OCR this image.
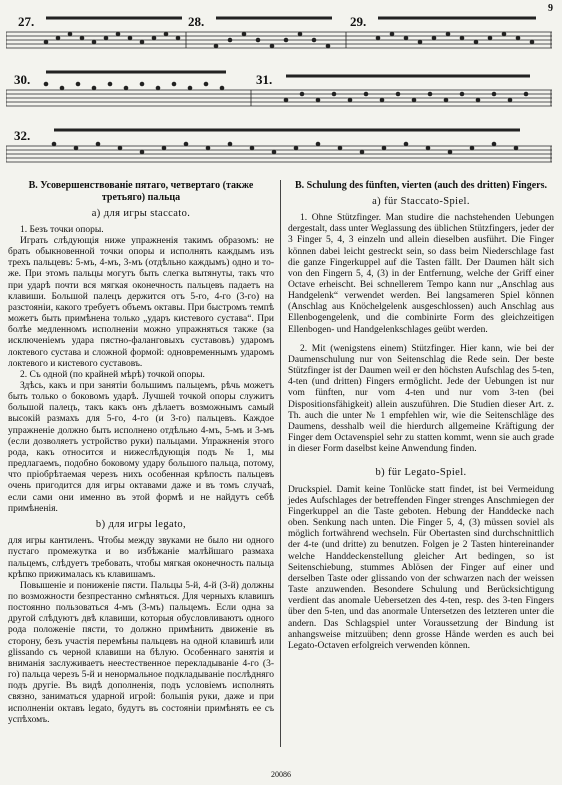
9
27.	28.	29.
30.	31.
32.

B. Усовершенствованіе пятаго, четвертаго (также третьяго) пальца

a) для игры staccato.

1. Безъ точки опоры.

Играть слѣдующія ниже упражненія такимъ образомъ: не брать обыкновенной точки опоры и исполнять каждымъ изъ трехъ пальцевъ: 5-мъ, 4-мъ, 3-мъ (отдѣльно каждымъ) одно и то-же. При этомъ пальцы могутъ быть слегка вытянуты, такъ что при ударѣ почти вся мягкая оконечность пальцевъ падаетъ на клавиши. Большой палецъ держится отъ 5-го, 4-го (3-го) на разстояніи, какого требуетъ объемъ октавы. При быстромъ темпѣ можетъ быть примѣнена только „ударъ кистевого сустава“. При болѣе медленномъ исполненіи можно упражняться также (за исключеніемъ удара пястно-фаланговыхъ суставовъ) ударомъ локтевого сустава и сложной формой: одновременнымъ ударомъ локтевого и кистевого суставовъ.

2. Съ одной (по крайней мѣрѣ) точкой опоры.

Здѣсь, какъ и при занятіи большимъ пальцемъ, рѣчь можетъ быть только о боковомъ ударѣ. Лучшей точкой опоры служитъ большой палецъ, такъ какъ онъ дѣлаетъ возможнымъ самый высокій размахъ для 5-го, 4-го (и 3-го) пальцевъ. Каждое упражненіе должно быть исполнено отдѣльно 4-мъ, 5-мъ и 3-мъ (если дозволяетъ устройство руки) пальцами. Упражненія этого рода, какъ относится и нижеслѣдующія подъ № 1, мы предлагаемъ, подобно боковому удару большого пальца, потому, что пріобрѣтаемая черезъ нихъ особенная крѣпость пальцевъ очень пригодится для игры октавами даже и въ томъ случаѣ, если сами они именно въ этой формѣ и не найдутъ себѣ примѣненія.

b) для игры legato,

для игры кантиленъ. Чтобы между звуками не было ни одного пустаго промежутка и во избѣжаніе малѣйшаго размаха пальцемъ, слѣдуетъ требовать, чтобы мягкая оконечность пальца крѣпко прижималась къ клавишамъ.

Повышеніе и пониженіе пясти. Пальцы 5-й, 4-й (3-й) должны по возможности безпрестанно смѣняться. Для черныхъ клавишъ постоянно пользоваться 4-мъ (3-мъ) пальцемъ. Если одна за другой слѣдуютъ двѣ клавиши, которыя обусловливаютъ одного рода положеніе пясти, то должно примѣнить движеніе въ сторону, безъ участія перемѣны пальцевъ на одной клавишѣ или glissando съ черной клавиши на бѣлую. Особеннаго занятія и вниманія заслуживаетъ неестественное перекладываніе 4-го (3-го) пальца черезъ 5-й и ненормальное подкладываніе послѣдняго подъ другіе. Въ видѣ дополненія, подъ условіемъ исполнять связно, заниматься ударной игрой: большія руки, даже и при исполненіи октавъ legato, будутъ въ состояніи примѣнять ее съ успѣхомъ.

B. Schulung des fünften, vierten (auch des dritten) Fingers.

a) für Staccato-Spiel.

1. Ohne Stützfinger. Man studire die nachstehenden Uebungen dergestalt, dass unter Weglassung des üblichen Stützfingers, jeder der 3 Finger 5, 4, 3 einzeln und allein dieselben ausführt. Die Finger können dabei leicht gestreckt sein, so dass beim Niederschlage fast die ganze Fingerkuppel auf die Tasten fällt. Der Daumen hält sich von den Fingern 5, 4, (3) in der Entfernung, welche der Griff einer Octave erheischt. Bei schnellerem Tempo kann nur „Anschlag aus Handgelenk“ verwendet werden. Bei langsameren Spiel können (Anschlag aus Knöchelgelenk ausgeschlossen) auch Anschlag aus Ellenbogengelenk, und die combinirte Form des gleichzeitigen Ellenbogen- und Handgelenkschlages geübt werden.

2. Mit (wenigstens einem) Stützfinger. Hier kann, wie bei der Daumenschulung nur von Seitenschlag die Rede sein. Der beste Stützfinger ist der Daumen weil er den höchsten Aufschlag des 5-ten, 4-ten (und dritten) Fingers ermöglicht. Jede der Uebungen ist nur vom fünften, nur vom 4-ten und nur vom 3-ten (bei Dispositionsfähigkeit) allein auszuführen. Die Studien dieser Art. z. Th. auch die unter № 1 empfehlen wir, wie die Seitenschläge des Daumens, desshalb weil die hierdurch allgemeine Kräftigung der Finger dem Octavenspiel sehr zu statten kommt, wenn sie auch grade in dieser Form daselbst keine Anwendung finden.

b) für Legato-Spiel.

Druckspiel. Damit keine Tonlücke statt findet, ist bei Vermeidung jedes Aufschlages der betreffenden Finger strenges Anschmiegen der Fingerkuppel an die Taste geboten. Hebung der Handdecke nach oben. Senkung nach unten. Die Finger 5, 4, (3) müssen soviel als möglich fortwährend wechseln. Für Obertasten sind durchschnittlich der 4-te (und dritte) zu benutzen. Folgen je 2 Tasten hintereinander welche Handdeckenstellung gleicher Art bedingen, so ist Seitenschiebung, stummes Ablösen der Finger auf einer und derselben Taste oder glissando von der schwarzen nach der weissen Taste anzuwenden. Besondere Schulung und Berücksichtigung verdient das anomale Uebersetzen des 4-ten, resp. des 3-ten Fingers über den 5-ten, und das anormale Untersetzen des letzteren unter die andern. Das Schlagspiel unter Voraussetzung der Bindung ist anhangsweise mitzuüben; denn grosse Hände werden es auch bei Legato-Octaven erfolgreich verwenden können.

20086
